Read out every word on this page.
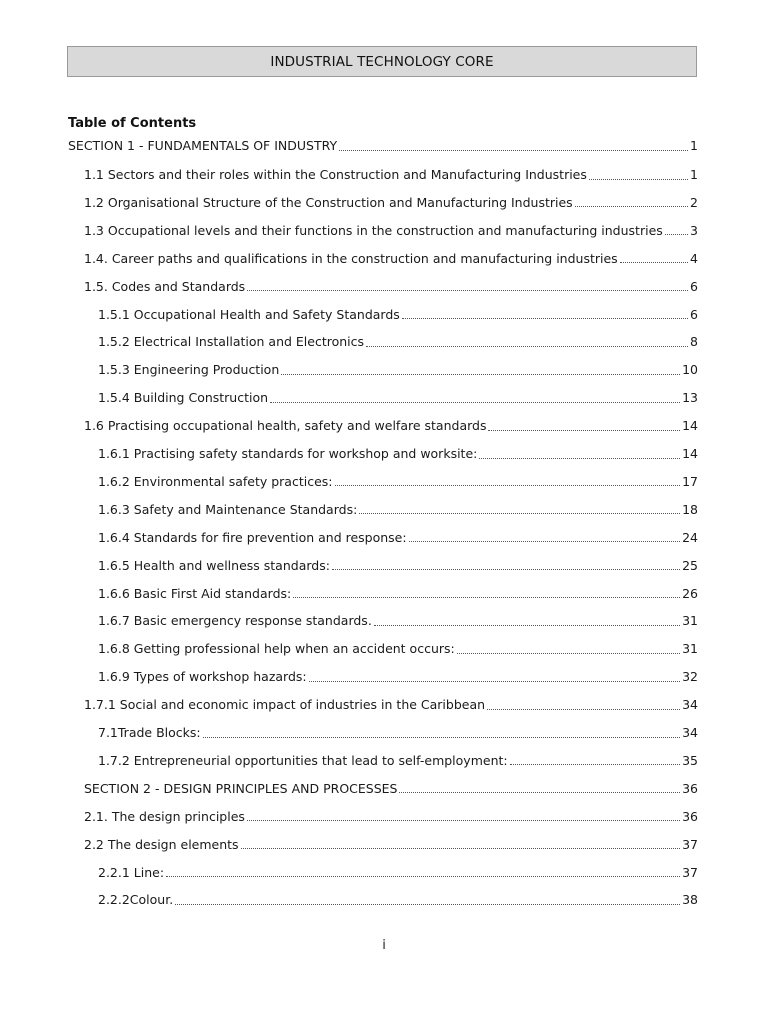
INDUSTRIAL TECHNOLOGY CORE
Table of Contents
SECTION 1 - FUNDAMENTALS OF INDUSTRY	1
1.1 Sectors and their roles within the Construction and Manufacturing Industries	1
1.2 Organisational Structure of the Construction and Manufacturing Industries	2
1.3 Occupational levels and their functions in the construction and manufacturing industries 3
1.4. Career paths and qualifications in the construction and manufacturing industries	4
1.5. Codes and Standards	6
1.5.1 Occupational Health and Safety Standards	6
1.5.2 Electrical Installation and Electronics	8
1.5.3 Engineering Production	10
1.5.4 Building Construction	13
1.6 Practising occupational health, safety and welfare standards	14
1.6.1 Practising safety standards for workshop and worksite:	14
1.6.2 Environmental safety practices:	17
1.6.3 Safety and Maintenance Standards:	18
1.6.4 Standards for fire prevention and response:	24
1.6.5 Health and wellness standards:	25
1.6.6 Basic First Aid standards:	26
1.6.7 Basic emergency response standards.	31
1.6.8 Getting professional help when an accident occurs:	31
1.6.9 Types of workshop hazards:	32
1.7.1 Social and economic impact of industries in the Caribbean	34
7.1Trade Blocks:	34
1.7.2 Entrepreneurial opportunities that lead to self-employment:	35
SECTION 2 - DESIGN PRINCIPLES AND PROCESSES	36
2.1. The design principles	36
2.2 The design elements	37
2.2.1 Line:	37
2.2.2Colour.	38
i
